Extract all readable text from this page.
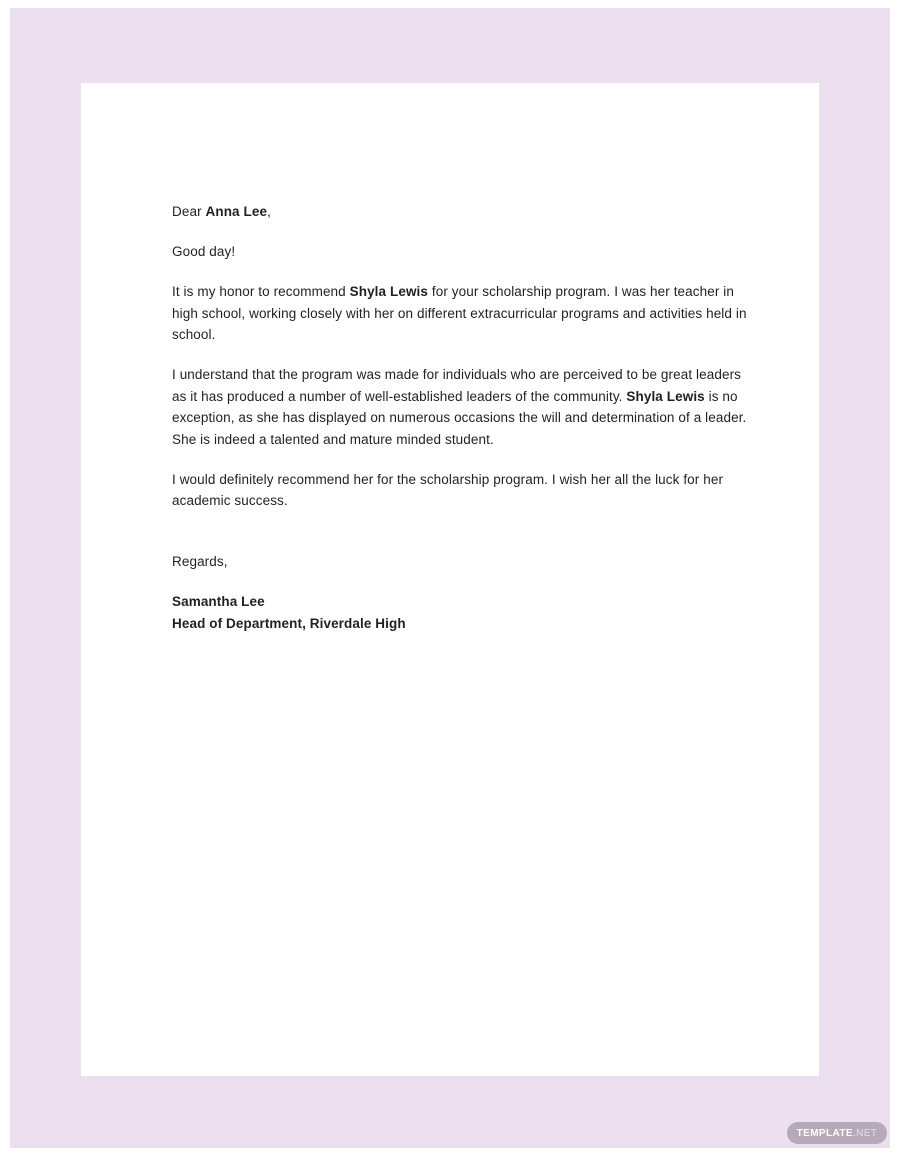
Dear Anna Lee,

Good day!

It is my honor to recommend Shyla Lewis for your scholarship program. I was her teacher in high school, working closely with her on different extracurricular programs and activities held in school.

I understand that the program was made for individuals who are perceived to be great leaders as it has produced a number of well-established leaders of the community. Shyla Lewis is no exception, as she has displayed on numerous occasions the will and determination of a leader. She is indeed a talented and mature minded student.

I would definitely recommend her for the scholarship program. I wish her all the luck for her academic success.

Regards,

Samantha Lee
Head of Department, Riverdale High
TEMPLATE .NET
